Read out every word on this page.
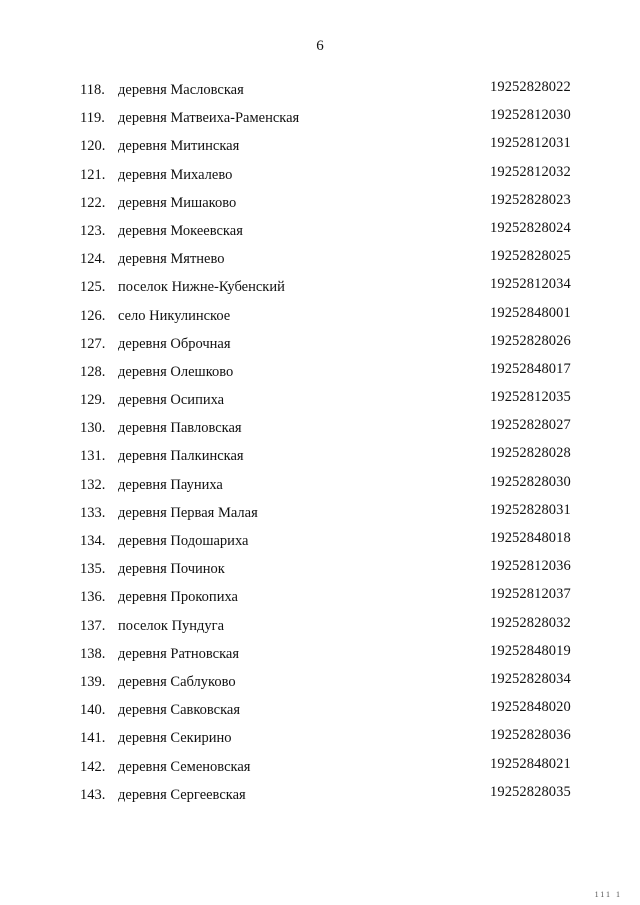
6
118. деревня Масловская	19252828022
119. деревня Матвеиха-Раменская	19252812030
120. деревня Митинская	19252812031
121. деревня Михалево	19252812032
122. деревня Мишаково	19252828023
123. деревня Мокеевская	19252828024
124. деревня Мятнево	19252828025
125. поселок Нижне-Кубенский	19252812034
126. село Никулинское	19252848001
127. деревня Оброчная	19252828026
128. деревня Олешково	19252848017
129. деревня Осипиха	19252812035
130. деревня Павловская	19252828027
131. деревня Палкинская	19252828028
132. деревня Пауниха	19252828030
133. деревня Первая Малая	19252828031
134. деревня Подошариха	19252848018
135. деревня Починок	19252812036
136. деревня Прокопиха	19252812037
137. поселок Пундуга	19252828032
138. деревня Ратновская	19252848019
139. деревня Саблуково	19252828034
140. деревня Савковская	19252848020
141. деревня Секирино	19252828036
142. деревня Семеновская	19252848021
143. деревня Сергеевская	19252828035
111 1
